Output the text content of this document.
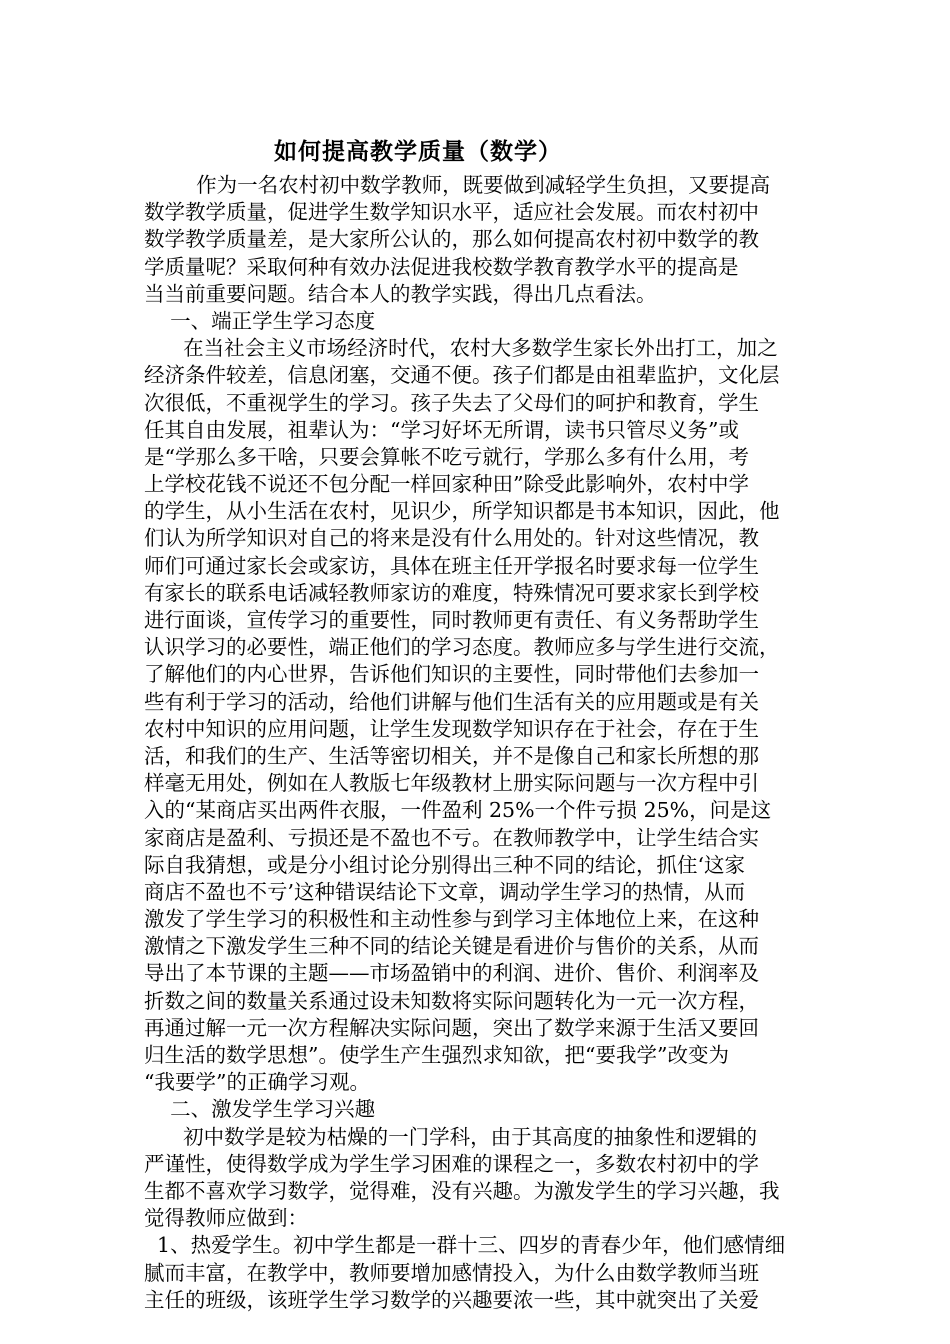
如何提高教学质量（数学）
作为一名农村初中数学教师，既要做到减轻学生负担，又要提高
数学教学质量，促进学生数学知识水平，适应社会发展。而农村初中
数学教学质量差，是大家所公认的，那么如何提高农村初中数学的教
学质量呢？采取何种有效办法促进我校数学教育教学水平的提高是
当当前重要问题。结合本人的教学实践，得出几点看法。
一、端正学生学习态度
在当社会主义市场经济时代，农村大多数学生家长外出打工，加之
经济条件较差，信息闭塞，交通不便。孩子们都是由祖辈监护，文化层
次很低，不重视学生的学习。孩子失去了父母们的呵护和教育，学生
任其自由发展，祖辈认为：“学习好坏无所谓，读书只管尽义务”或
是“学那么多干啥，只要会算帐不吃亏就行，学那么多有什么用，考
上学校花钱不说还不包分配一样回家种田”除受此影响外，农村中学
的学生，从小生活在农村，见识少，所学知识都是书本知识，因此，他
们认为所学知识对自己的将来是没有什么用处的。针对这些情况，教
师们可通过家长会或家访，具体在班主任开学报名时要求每一位学生
有家长的联系电话减轻教师家访的难度，特殊情况可要求家长到学校
进行面谈，宣传学习的重要性，同时教师更有责任、有义务帮助学生
认识学习的必要性，端正他们的学习态度。教师应多与学生进行交流，
了解他们的内心世界，告诉他们知识的主要性，同时带他们去参加一
些有利于学习的活动，给他们讲解与他们生活有关的应用题或是有关
农村中知识的应用问题，让学生发现数学知识存在于社会，存在于生
活，和我们的生产、生活等密切相关，并不是像自己和家长所想的那
样毫无用处，例如在人教版七年级教材上册实际问题与一次方程中引
入的“某商店买出两件衣服，一件盈利 25%一个件亏损 25%，问是这
家商店是盈利、亏损还是不盈也不亏。在教师教学中，让学生结合实
际自我猜想，或是分小组讨论分别得出三种不同的结论，抓住‘这家
商店不盈也不亏’这种错误结论下文章，调动学生学习的热情，从而
激发了学生学习的积极性和主动性参与到学习主体地位上来，在这种
激情之下激发学生三种不同的结论关键是看进价与售价的关系，从而
导出了本节课的主题——市场盈销中的利润、进价、售价、利润率及
折数之间的数量关系通过设未知数将实际问题转化为一元一次方程，
再通过解一元一次方程解决实际问题，突出了数学来源于生活又要回
归生活的数学思想”。使学生产生强烈求知欲，把“要我学”改变为
“我要学”的正确学习观。
二、激发学生学习兴趣
初中数学是较为枯燥的一门学科，由于其高度的抽象性和逻辑的
严谨性，使得数学成为学生学习困难的课程之一，多数农村初中的学
生都不喜欢学习数学，觉得难，没有兴趣。为激发学生的学习兴趣，我
觉得教师应做到：
1、热爱学生。初中学生都是一群十三、四岁的青春少年，他们感情细
腻而丰富，在教学中，教师要增加感情投入，为什么由数学教师当班
主任的班级，该班学生学习数学的兴趣要浓一些，其中就突出了关爱
